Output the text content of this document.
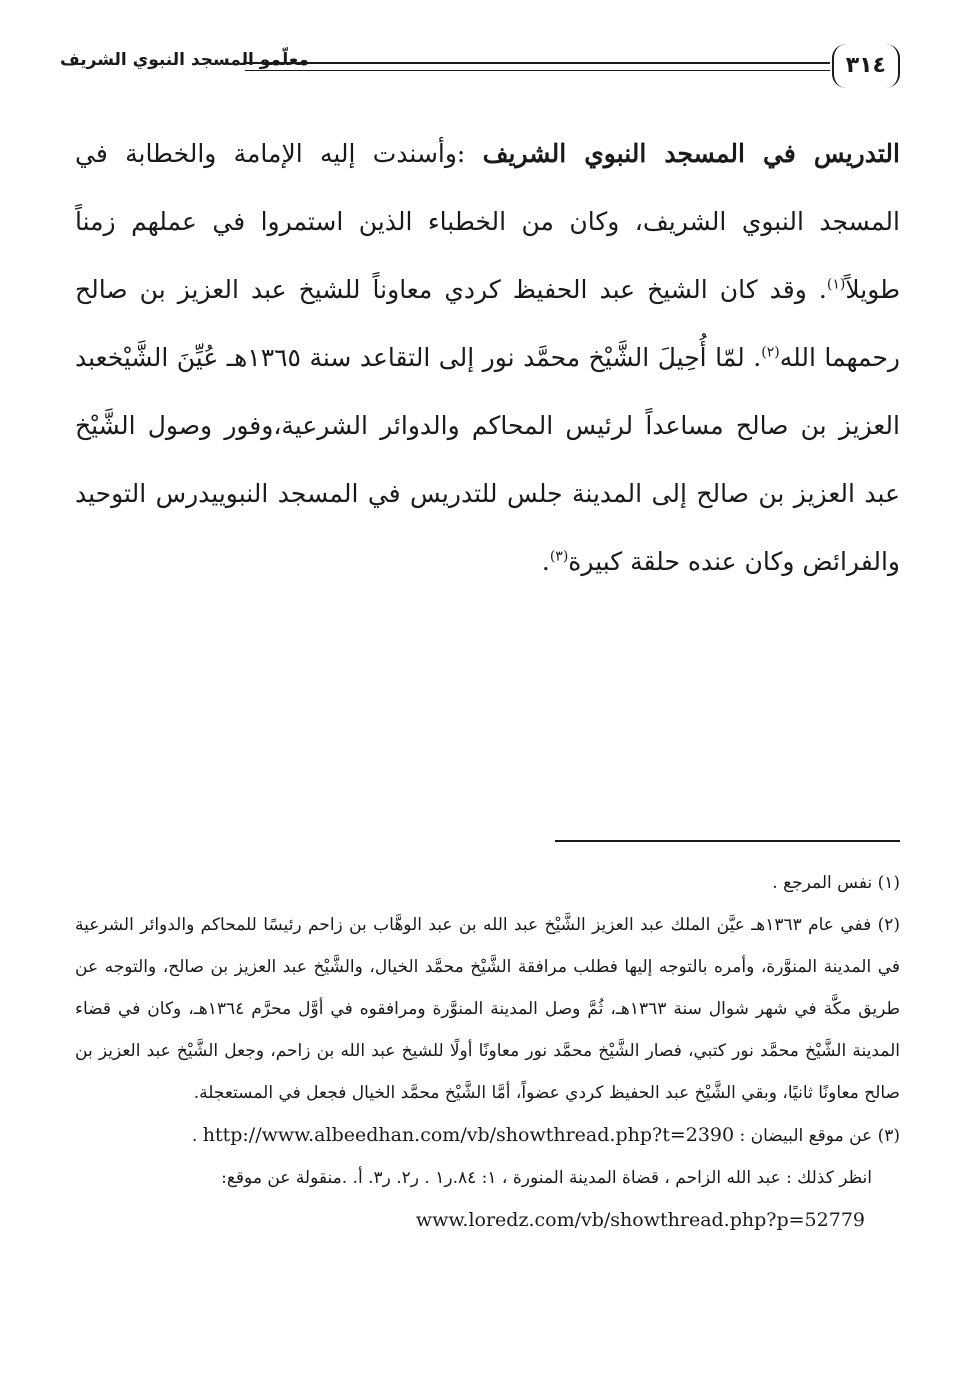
٣١٤
معلّمو المسجد النبوي الشريف
التدريس في المسجد النبوي الشريف :وأسندت إليه الإمامة والخطابة في المسجد النبوي الشريف، وكان من الخطباء الذين استمروا في عملهم زمناً طويلاً$^{(١)}$. وقد كان الشيخ عبد الحفيظ كردي معاوناً للشيخ عبد العزيز بن صالح رحمهما الله$^{(٢)}$. لمّا أُحِيلَ الشَّيْخ محمَّد نور إلى التقاعد سنة ١٣٦٥هـ عُيِّنَ الشَّيْخعبد العزيز بن صالح مساعداً لرئيس المحاكم والدوائر الشرعية،وفور وصول الشَّيْخ عبد العزيز بن صالح إلى المدينة جلس للتدريس في المسجد النبوييدرس التوحيد والفرائض وكان عنده حلقة كبيرة$^{(٣)}$.
(١) نفس المرجع .
(٢) ففي عام ١٣٦٣هـ عيَّن الملك عبد العزيز الشَّيْخ عبد الله بن عبد الوهَّاب بن زاحم رئيسًا للمحاكم والدوائر الشرعية في المدينة المنوَّرة، وأمره بالتوجه إليها فطلب مرافقة الشَّيْخ محمَّد الخيال، والشَّيْخ عبد العزيز بن صالح، والتوجه عن طريق مكَّة في شهر شوال سنة ١٣٦٣هـ، ثُمَّ وصل المدينة المنوَّرة ومرافقوه في أوَّل محرَّم ١٣٦٤هـ، وكان في قضاء المدينة الشَّيْخ محمَّد نور كتبي، فصار الشَّيْخ محمَّد نور معاونًا أولًا للشيخ عبد الله بن زاحم، وجعل الشَّيْخ عبد العزيز بن صالح معاونًا ثانيًا، وبقي الشَّيْخ عبد الحفيظ كردي عضواً، أمَّا الشَّيْخ محمَّد الخيال فجعل في المستعجلة.
(٣) عن موقع البيضان : http://www.albeedhan.com/vb/showthread.php?t=2390 .
انظر كذلك : عبد الله الزاحم ، قضاة المدينة المنورة ، ١: ٨٤.ر١ . ر٢. ر٣. أ. .منقولة عن موقع:
www.loredz.com/vb/showthread.php?p=52779
